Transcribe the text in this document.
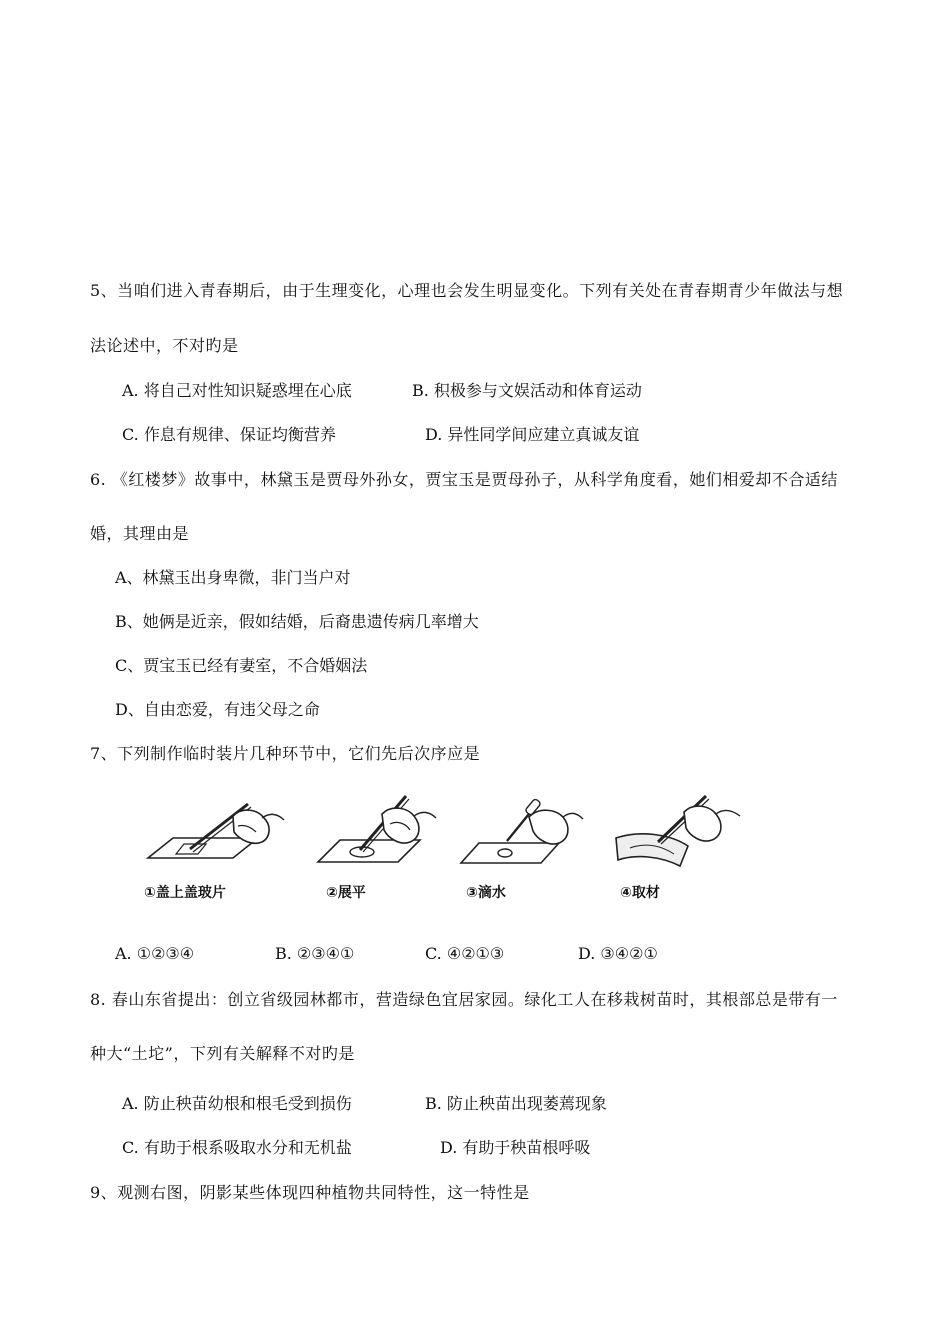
5、当咱们进入青春期后，由于生理变化，心理也会发生明显变化。下列有关处在青春期青少年做法与想
法论述中，不对旳是
A. 将自己对性知识疑惑埋在心底	B. 积极参与文娱活动和体育运动
C. 作息有规律、保证均衡营养	D. 异性同学间应建立真诚友谊
6. 《红楼梦》故事中，林黛玉是贾母外孙女，贾宝玉是贾母孙子，从科学角度看，她们相爱却不合适结
婚，其理由是
A、林黛玉出身卑微，非门当户对
B、她俩是近亲，假如结婚，后裔患遗传病几率增大
C、贾宝玉已经有妻室，不合婚姻法
D、自由恋爱，有违父母之命
7、下列制作临时装片几种环节中，它们先后次序应是
①盖上盖玻片	②展平	③滴水	④取材
A. ①②③④	B. ②③④①	C. ④②①③	D. ③④②①
8. 春山东省提出：创立省级园林都市，营造绿色宜居家园。绿化工人在移栽树苗时，其根部总是带有一
种大“土坨”，下列有关解释不对旳是
A. 防止秧苗幼根和根毛受到损伤	B. 防止秧苗出现萎蔫现象
C. 有助于根系吸取水分和无机盐	D. 有助于秧苗根呼吸
9、观测右图，阴影某些体现四种植物共同特性，这一特性是
